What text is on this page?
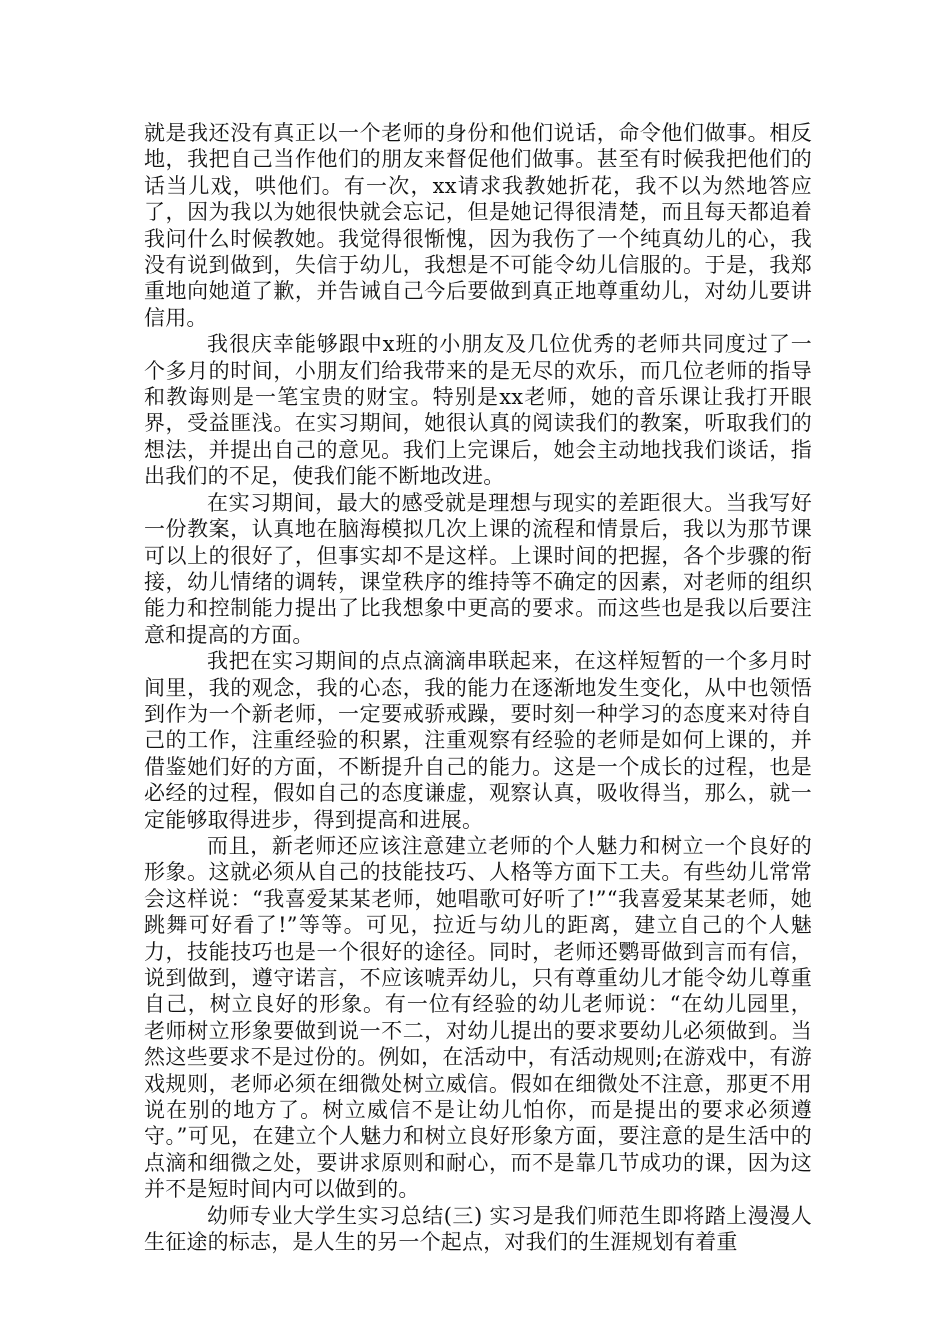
就是我还没有真正以一个老师的身份和他们说话，命令他们做事。相反地，我把自己当作他们的朋友来督促他们做事。甚至有时候我把他们的话当儿戏，哄他们。有一次，xx请求我教她折花，我不以为然地答应了，因为我以为她很快就会忘记，但是她记得很清楚，而且每天都追着我问什么时候教她。我觉得很惭愧，因为我伤了一个纯真幼儿的心，我没有说到做到，失信于幼儿，我想是不可能令幼儿信服的。于是，我郑重地向她道了歉，并告诫自己今后要做到真正地尊重幼儿，对幼儿要讲信用。

我很庆幸能够跟中x班的小朋友及几位优秀的老师共同度过了一个多月的时间，小朋友们给我带来的是无尽的欢乐，而几位老师的指导和教诲则是一笔宝贵的财宝。特别是xx老师，她的音乐课让我打开眼界，受益匪浅。在实习期间，她很认真的阅读我们的教案，听取我们的想法，并提出自己的意见。我们上完课后，她会主动地找我们谈话，指出我们的不足，使我们能不断地改进。

在实习期间，最大的感受就是理想与现实的差距很大。当我写好一份教案，认真地在脑海模拟几次上课的流程和情景后，我以为那节课可以上的很好了，但事实却不是这样。上课时间的把握，各个步骤的衔接，幼儿情绪的调转，课堂秩序的维持等不确定的因素，对老师的组织能力和控制能力提出了比我想象中更高的要求。而这些也是我以后要注意和提高的方面。

我把在实习期间的点点滴滴串联起来，在这样短暂的一个多月时间里，我的观念，我的心态，我的能力在逐渐地发生变化，从中也领悟到作为一个新老师，一定要戒骄戒躁，要时刻一种学习的态度来对待自己的工作，注重经验的积累，注重观察有经验的老师是如何上课的，并借鉴她们好的方面，不断提升自己的能力。这是一个成长的过程，也是必经的过程，假如自己的态度谦虚，观察认真，吸收得当，那么，就一定能够取得进步，得到提高和进展。

而且，新老师还应该注意建立老师的个人魅力和树立一个良好的形象。这就必须从自己的技能技巧、人格等方面下工夫。有些幼儿常常会这样说：“我喜爱某某老师，她唱歌可好听了!”“我喜爱某某老师，她跳舞可好看了!”等等。可见，拉近与幼儿的距离，建立自己的个人魅力，技能技巧也是一个很好的途径。同时，老师还鹦哥做到言而有信，说到做到，遵守诺言，不应该唬弄幼儿，只有尊重幼儿才能令幼儿尊重自己，树立良好的形象。有一位有经验的幼儿老师说：“在幼儿园里，老师树立形象要做到说一不二，对幼儿提出的要求要幼儿必须做到。当然这些要求不是过份的。例如，在活动中，有活动规则;在游戏中，有游戏规则，老师必须在细微处树立威信。假如在细微处不注意，那更不用说在别的地方了。树立威信不是让幼儿怕你，而是提出的要求必须遵守。”可见，在建立个人魅力和树立良好形象方面，要注意的是生活中的点滴和细微之处，要讲求原则和耐心，而不是靠几节成功的课，因为这并不是短时间内可以做到的。

幼师专业大学生实习总结(三) 实习是我们师范生即将踏上漫漫人生征途的标志，是人生的另一个起点，对我们的生涯规划有着重
